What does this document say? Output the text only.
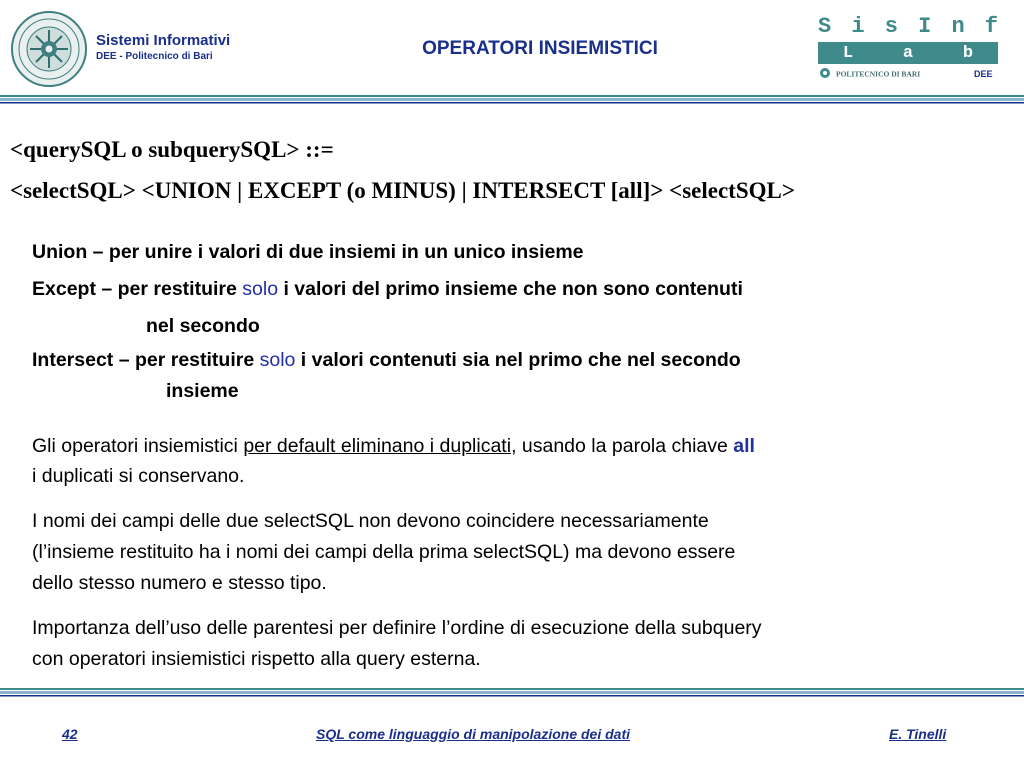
Sistemi Informativi
DEE - Politecnico di Bari	OPERATORI INSIEMISTICI
S i s I n f
L	a	b
POLITECNICO DI BARI	DEE
<querySQL o subquerySQL> ::=
<selectSQL> <UNION | EXCEPT (o MINUS) | INTERSECT [all]> <selectSQL>
Union – per unire i valori di due insiemi in un unico insieme
Except – per restituire solo i valori del primo insieme che non sono contenuti
nel secondo
Intersect – per restituire solo i valori contenuti sia nel primo che nel secondo
insieme
Gli operatori insiemistici per default eliminano i duplicati, usando la parola chiave all
i duplicati si conservano.
I nomi dei campi delle due selectSQL non devono coincidere necessariamente
(l’insieme restituito ha i nomi dei campi della prima selectSQL) ma devono essere
dello stesso numero e stesso tipo.
Importanza dell’uso delle parentesi per definire l’ordine di esecuzione della subquery
con operatori insiemistici rispetto alla query esterna.
42	SQL come linguaggio di manipolazione dei dati	E. Tinelli
